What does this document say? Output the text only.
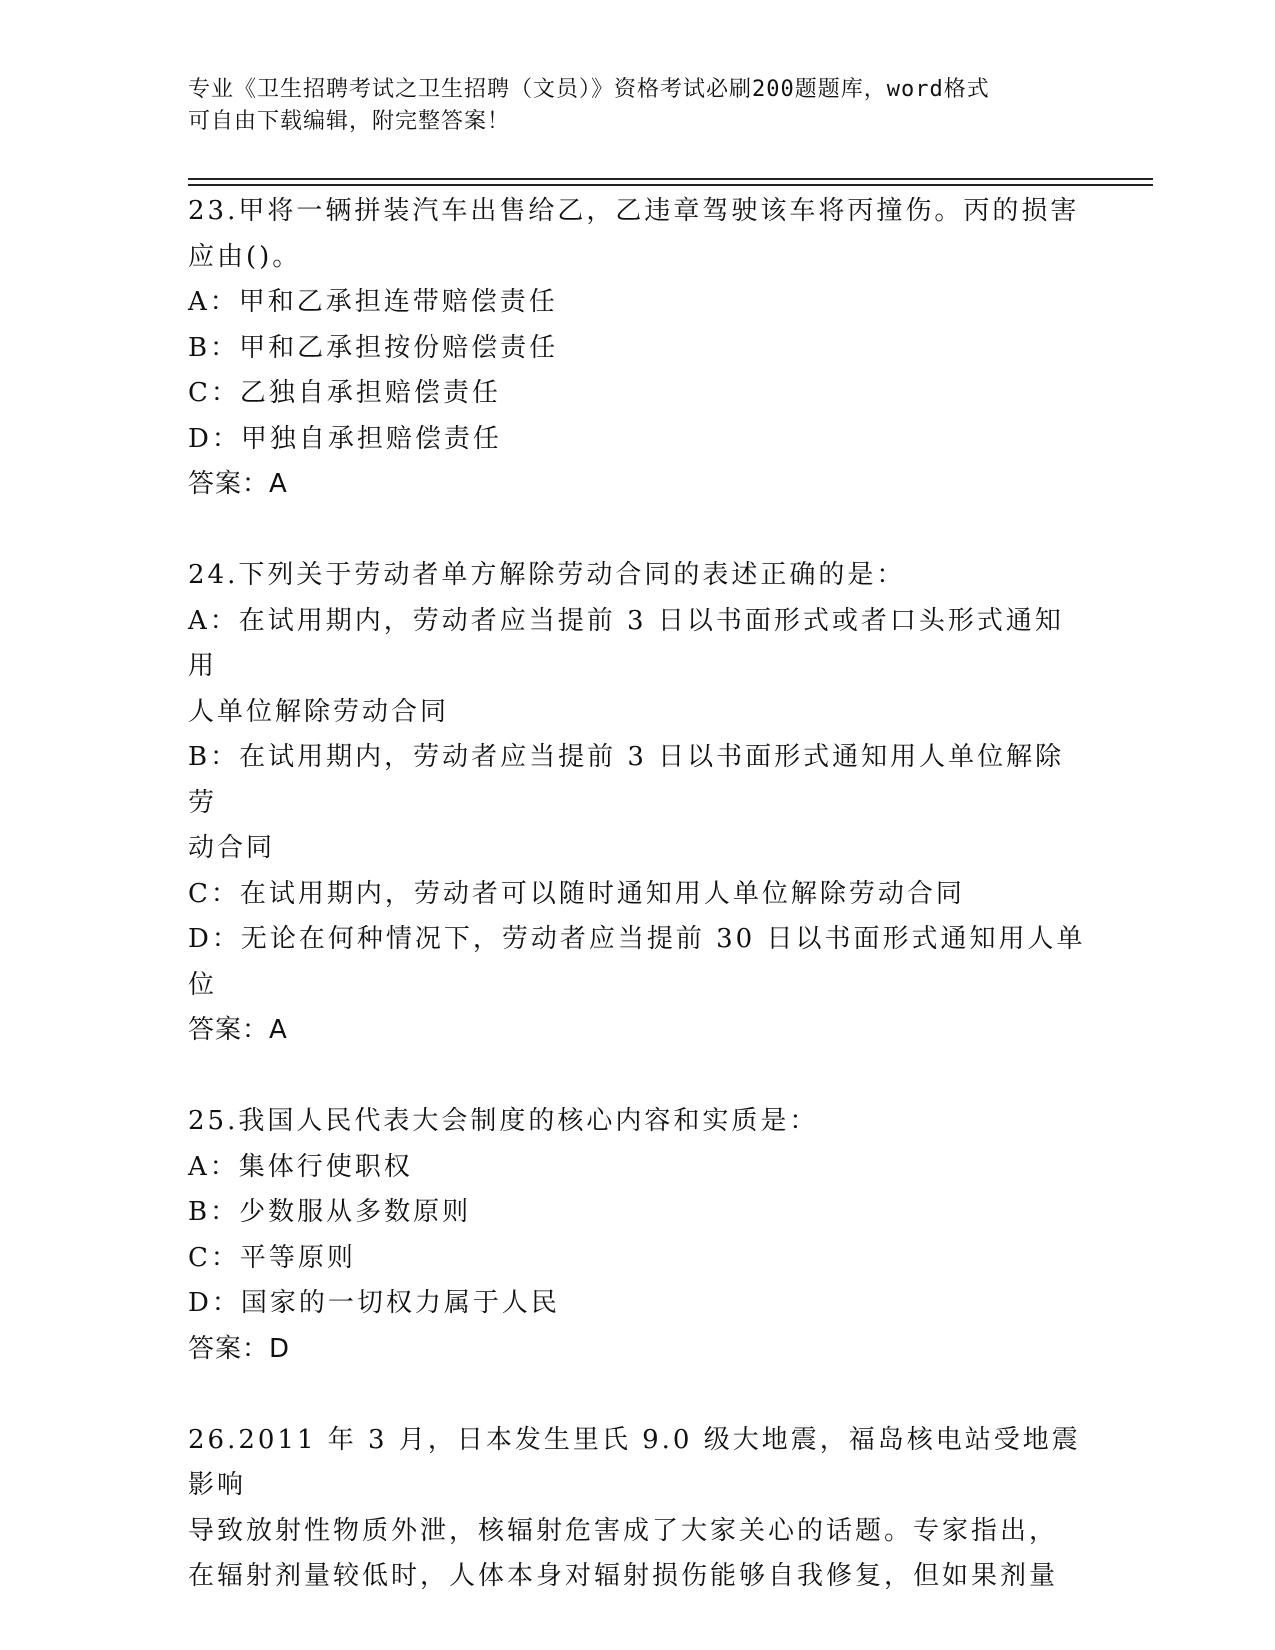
专业《卫生招聘考试之卫生招聘（文员）》资格考试必刷200题题库，word格式
可自由下载编辑，附完整答案！
23.甲将一辆拼装汽车出售给乙，乙违章驾驶该车将丙撞伤。丙的损害
应由()。
A：甲和乙承担连带赔偿责任
B：甲和乙承担按份赔偿责任
C：乙独自承担赔偿责任
D：甲独自承担赔偿责任
答案：A
24.下列关于劳动者单方解除劳动合同的表述正确的是：
A：在试用期内，劳动者应当提前 3 日以书面形式或者口头形式通知用
人单位解除劳动合同
B：在试用期内，劳动者应当提前 3 日以书面形式通知用人单位解除劳
动合同
C：在试用期内，劳动者可以随时通知用人单位解除劳动合同
D：无论在何种情况下，劳动者应当提前 30 日以书面形式通知用人单
位
答案：A
25.我国人民代表大会制度的核心内容和实质是：
A：集体行使职权
B：少数服从多数原则
C：平等原则
D：国家的一切权力属于人民
答案：D
26.2011 年 3 月，日本发生里氏 9.0 级大地震，福岛核电站受地震影响
导致放射性物质外泄，核辐射危害成了大家关心的话题。专家指出，
在辐射剂量较低时，人体本身对辐射损伤能够自我修复，但如果剂量
